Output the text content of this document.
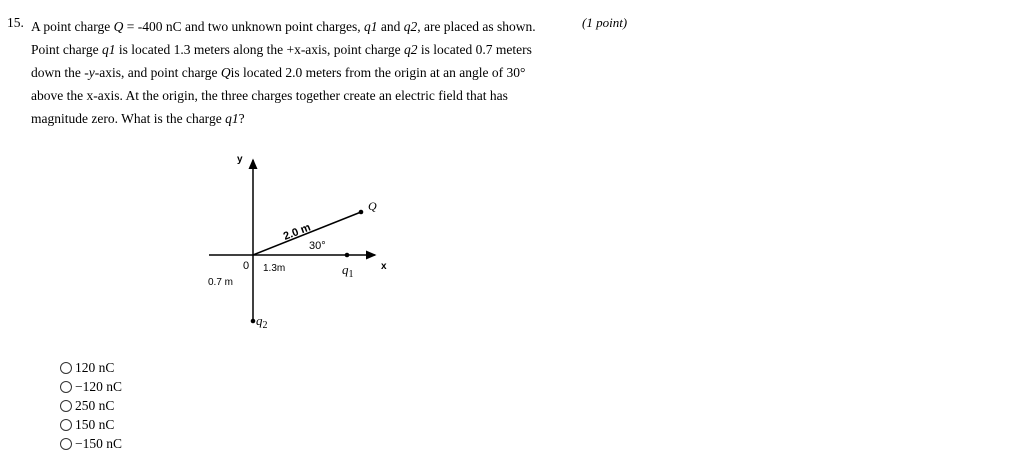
15.	(1 point)
A point charge Q = -400 nC and two unknown point charges, q1 and q2, are placed as shown.
Point charge q1 is located 1.3 meters along the +x-axis, point charge q2 is located 0.7 meters
down the -y-axis, and point charge Qis located 2.0 meters from the origin at an angle of 30°
above the x-axis. At the origin, the three charges together create an electric field that has
magnitude zero. What is the charge q1?
y
x
0
Q
2.0 m
30°
1.3m
0.7 m
$q_1$
$q_2$
120 nC
−120 nC
250 nC
150 nC
−150 nC
